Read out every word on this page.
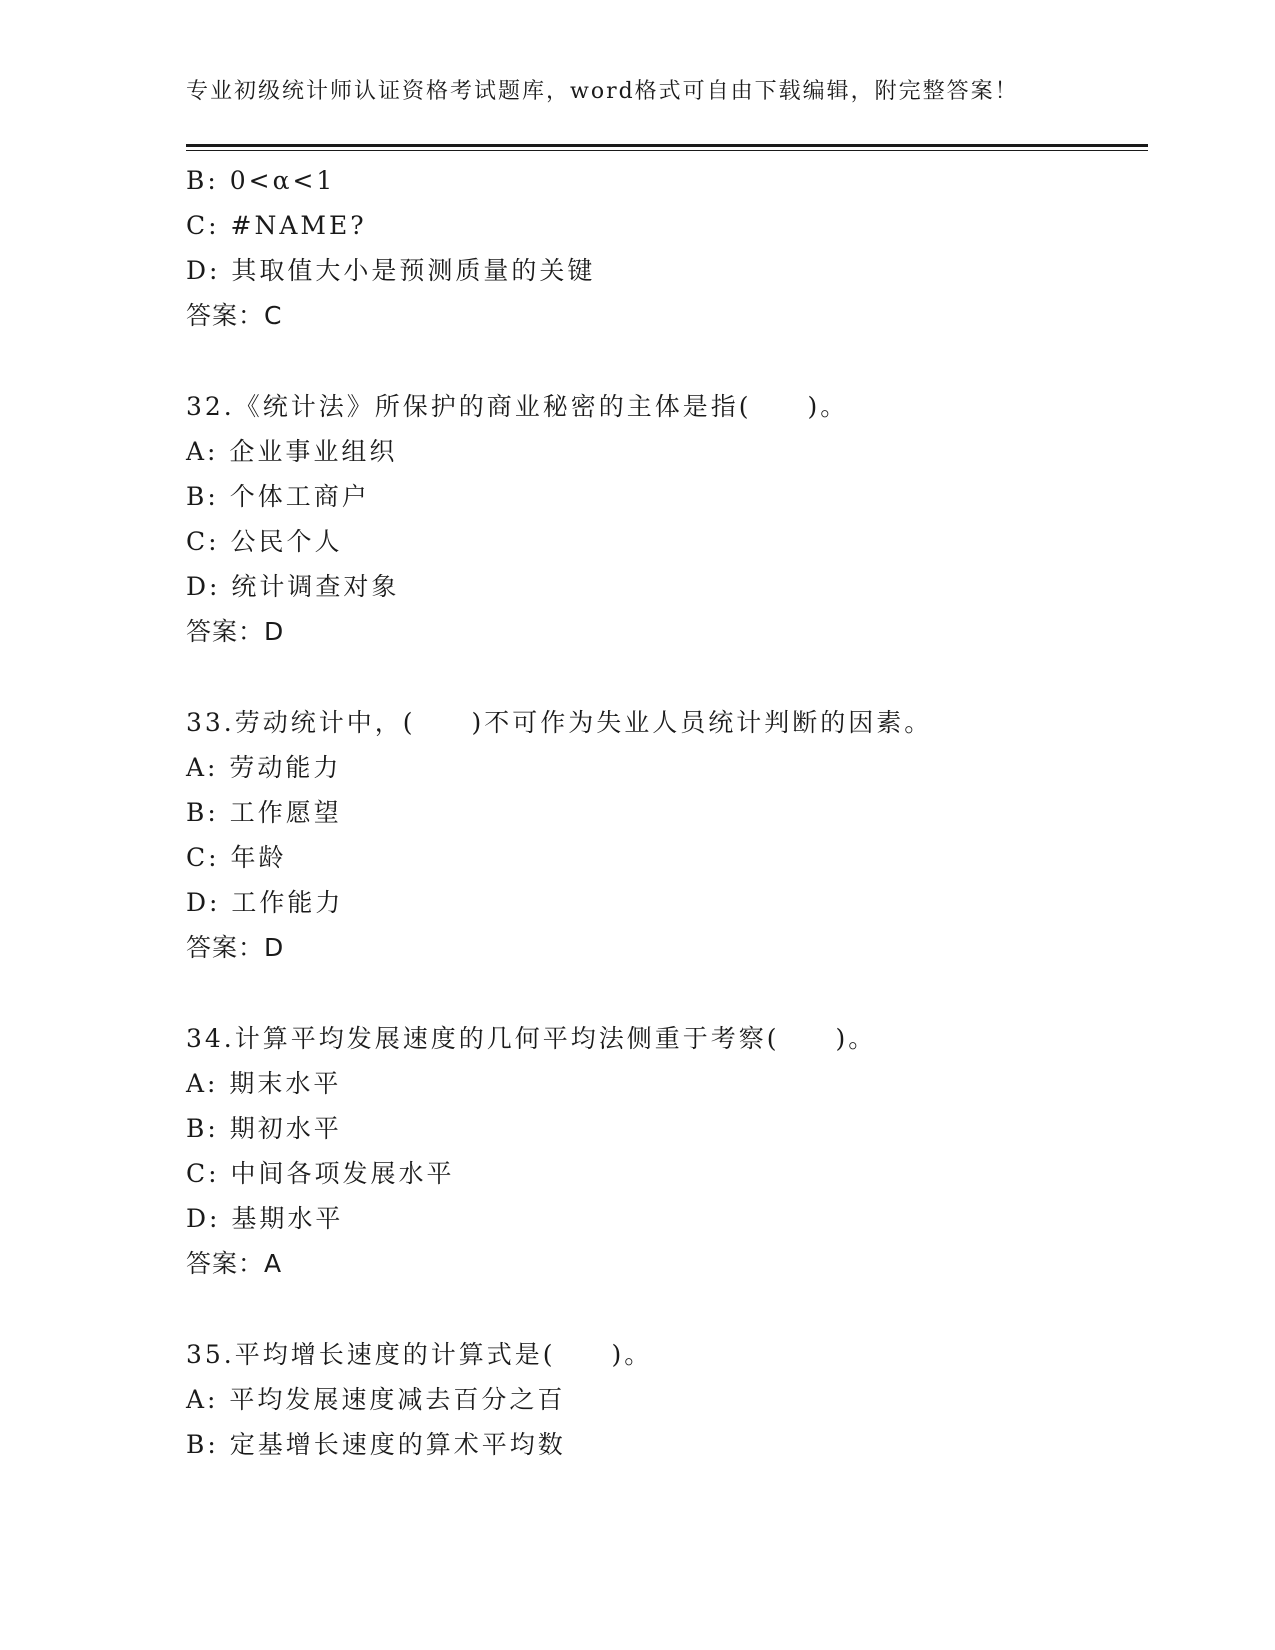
专业初级统计师认证资格考试题库，word格式可自由下载编辑，附完整答案！
B: 0<α<1
C: #NAME?
D: 其取值大小是预测质量的关键
答案：C
32.《统计法》所保护的商业秘密的主体是指(　　)。
A: 企业事业组织
B: 个体工商户
C: 公民个人
D: 统计调查对象
答案：D
33.劳动统计中，(　　)不可作为失业人员统计判断的因素。
A: 劳动能力
B: 工作愿望
C: 年龄
D: 工作能力
答案：D
34.计算平均发展速度的几何平均法侧重于考察(　　)。
A: 期末水平
B: 期初水平
C: 中间各项发展水平
D: 基期水平
答案：A
35.平均增长速度的计算式是(　　)。
A: 平均发展速度减去百分之百
B: 定基增长速度的算术平均数
